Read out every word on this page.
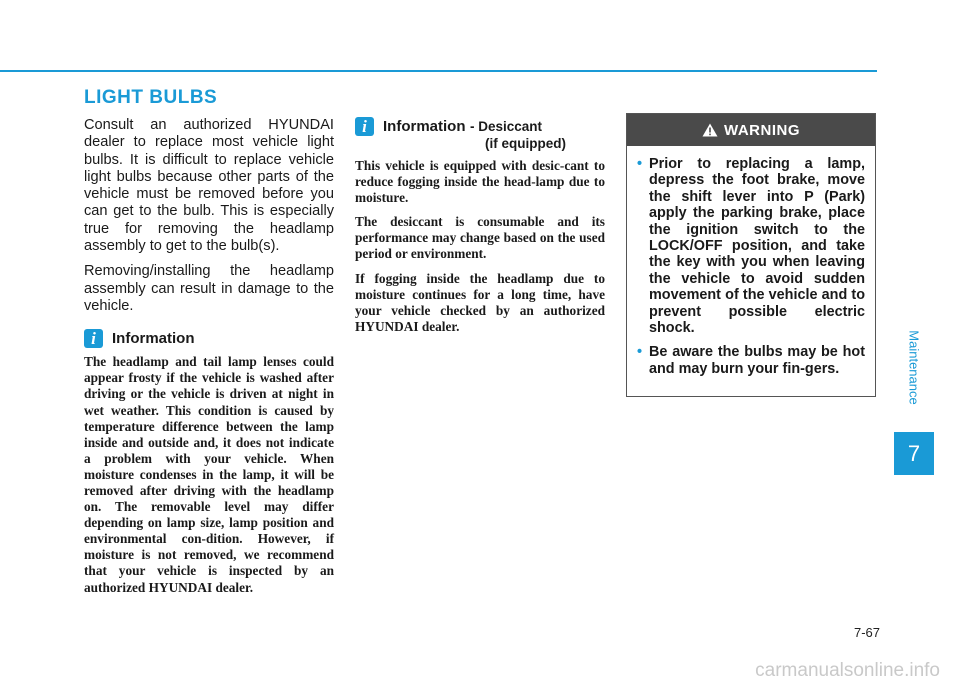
LIGHT BULBS

Consult an authorized HYUNDAI dealer to replace most vehicle light bulbs. It is difficult to replace vehicle light bulbs because other parts of the vehicle must be removed before you can get to the bulb. This is especially true for removing the headlamp assembly to get to the bulb(s).

Removing/installing the headlamp assembly can result in damage to the vehicle.

i	Information

The headlamp and tail lamp lenses could appear frosty if the vehicle is washed after driving or the vehicle is driven at night in wet weather. This condition is caused by temperature difference between the lamp inside and outside and, it does not indicate a problem with your vehicle. When moisture condenses in the lamp, it will be removed after driving with the headlamp on. The removable level may differ depending on lamp size, lamp position and environmental con-dition. However, if moisture is not removed, we recommend that your vehicle is inspected by an authorized HYUNDAI dealer.

i	Information - Desiccant
(if equipped)

This vehicle is equipped with desic-cant to reduce fogging inside the head-lamp due to moisture.

The desiccant is consumable and its performance may change based on the used period or environment.

If fogging inside the headlamp due to moisture continues for a long time, have your vehicle checked by an authorized HYUNDAI dealer.

WARNING
• Prior to replacing a lamp, depress the foot brake, move the shift lever into P (Park) apply the parking brake, place the ignition switch to the LOCK/OFF position, and take the key with you when leaving the vehicle to avoid sudden movement of the vehicle and to prevent possible electric shock.
• Be aware the bulbs may be hot and may burn your fin-gers.	Maintenance
7
7-67
carmanualsonline.info
